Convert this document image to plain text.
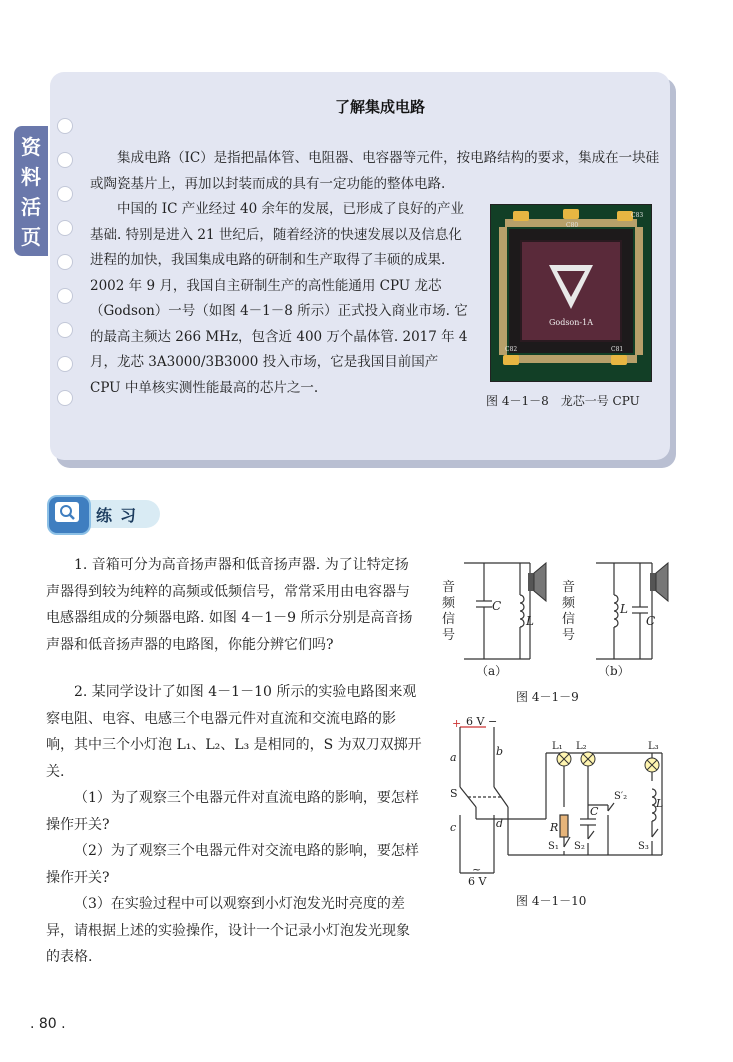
资
料
活
页
了解集成电路
集成电路（IC）是指把晶体管、电阻器、电容器等元件，按电路结构的要求，集成在一块硅或陶瓷基片上，再加以封装而成的具有一定功能的整体电路.
中国的 IC 产业经过 40 余年的发展，已形成了良好的产业基础. 特别是进入 21 世纪后，随着经济的快速发展以及信息化进程的加快，我国集成电路的研制和生产取得了丰硕的成果. 2002 年 9 月，我国自主研制生产的高性能通用 CPU 龙芯（Godson）一号（如图 4－1－8 所示）正式投入商业市场. 它的最高主频达 266 MHz，包含近 400 万个晶体管. 2017 年 4 月，龙芯 3A3000/3B3000 投入市场，它是我国目前国产 CPU 中单核实测性能最高的芯片之一.
Godson-1A
C83
C80
C81
C82
图 4－1－8　龙芯一号 CPU
练习

1. 音箱可分为高音扬声器和低音扬声器. 为了让特定扬声器得到较为纯粹的高频或低频信号，常常采用由电容器与电感器组成的分频器电路. 如图 4－1－9 所示分别是高音扬声器和低音扬声器的电路图，你能分辨它们吗?

2. 某同学设计了如图 4－1－10 所示的实验电路图来观察电阻、电容、电感三个电器元件对直流和交流电路的影响，其中三个小灯泡 L₁、L₂、L₃ 是相同的，S 为双刀双掷开关.

（1）为了观察三个电器元件对直流电路的影响，要怎样操作开关?

（2）为了观察三个电器元件对交流电路的影响，要怎样操作开关?

（3）在实验过程中可以观察到小灯泡发光时亮度的差异，请根据上述的实验操作，设计一个记录小灯泡发光现象的表格.

音
频
信
号
音
频
信
号
C
L
L
C
（a）	（b）
图 4－1－9
+ 6 V −
a	b
S
c	d
~
6 V
L₁ L₂	L₃
R
C
L
S₁ S₂	S₃
S′₂
图 4－1－10
. 80 .
